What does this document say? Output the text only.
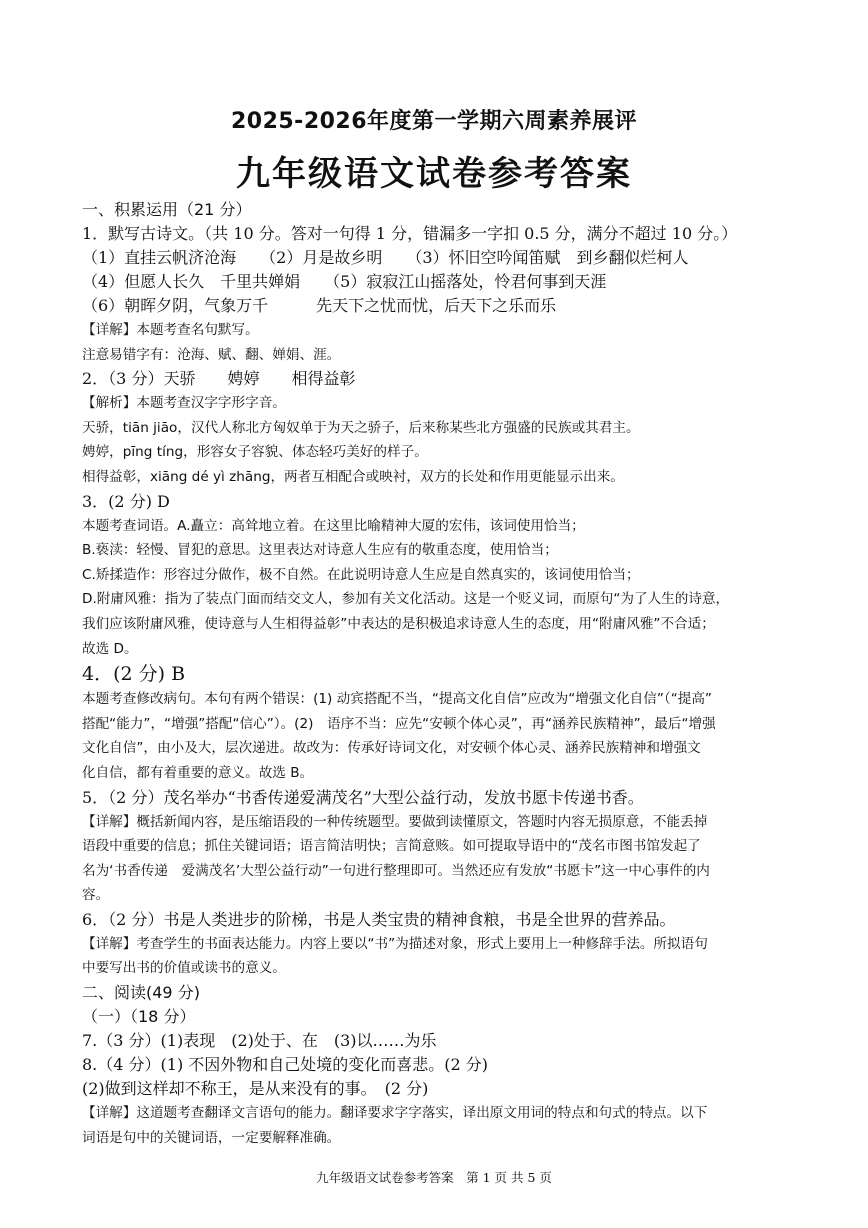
2025-2026年度第一学期六周素养展评
九年级语文试卷参考答案
一、积累运用（21 分）
1．默写古诗文。（共 10 分。答对一句得 1 分，错漏多一字扣 0.5 分，满分不超过 10 分。）
（1）直挂云帆济沧海　　（2）月是故乡明　　（3）怀旧空吟闻笛赋　到乡翻似烂柯人
（4）但愿人长久　千里共婵娟　　（5）寂寂江山摇落处，怜君何事到天涯
（6）朝晖夕阴，气象万千　　　先天下之忧而忧，后天下之乐而乐
【详解】本题考查名句默写。
注意易错字有：沧海、赋、翻、婵娟、涯。
2．（3 分）天骄　　娉婷　　相得益彰
【解析】本题考查汉字字形字音。
天骄，tiān jiāo，汉代人称北方匈奴单于为天之骄子，后来称某些北方强盛的民族或其君主。
娉婷，pīng tíng，形容女子容貌、体态轻巧美好的样子。
相得益彰，xiāng dé yì zhāng，两者互相配合或映衬，双方的长处和作用更能显示出来。
3．(2 分) D
本题考查词语。A.矗立：高耸地立着。在这里比喻精神大厦的宏伟，该词使用恰当；
B.亵渎：轻慢、冒犯的意思。这里表达对诗意人生应有的敬重态度，使用恰当；
C.矫揉造作：形容过分做作，极不自然。在此说明诗意人生应是自然真实的，该词使用恰当；
D.附庸风雅：指为了装点门面而结交文人，参加有关文化活动。这是一个贬义词，而原句“为了人生的诗意，
我们应该附庸风雅，使诗意与人生相得益彰”中表达的是积极追求诗意人生的态度，用“附庸风雅”不合适；
故选 D。
4．(2 分) B
本题考查修改病句。本句有两个错误：(1) 动宾搭配不当，“提高文化自信”应改为“增强文化自信”（“提高”
搭配“能力”，“增强”搭配“信心”）。(2)　语序不当：应先“安顿个体心灵”，再“涵养民族精神”，最后“增强
文化自信”，由小及大，层次递进。故改为：传承好诗词文化，对安顿个体心灵、涵养民族精神和增强文
化自信，都有着重要的意义。故选 B。
5．（2 分）茂名举办“书香传递爱满茂名”大型公益行动，发放书愿卡传递书香。
【详解】概括新闻内容，是压缩语段的一种传统题型。要做到读懂原文，答题时内容无损原意，不能丢掉
语段中重要的信息；抓住关键词语；语言简洁明快；言简意赅。如可提取导语中的“茂名市图书馆发起了
名为‘书香传递　爱满茂名’大型公益行动”一句进行整理即可。当然还应有发放“书愿卡”这一中心事件的内
容。
6．（2 分）书是人类进步的阶梯，书是人类宝贵的精神食粮，书是全世界的营养品。
【详解】考查学生的书面表达能力。内容上要以“书”为描述对象，形式上要用上一种修辞手法。所拟语句
中要写出书的价值或读书的意义。
二、阅读(49 分)
（一）（18 分）
7.（3 分）(1)表现　(2)处于、在　(3)以……为乐
8.（4 分）(1) 不因外物和自己处境的变化而喜悲。(2 分)
(2)做到这样却不称王，是从来没有的事。　(2 分)
【详解】这道题考查翻译文言语句的能力。翻译要求字字落实，译出原文用词的特点和句式的特点。以下
词语是句中的关键词语，一定要解释准确。
九年级语文试卷参考答案　第 1 页 共 5 页
